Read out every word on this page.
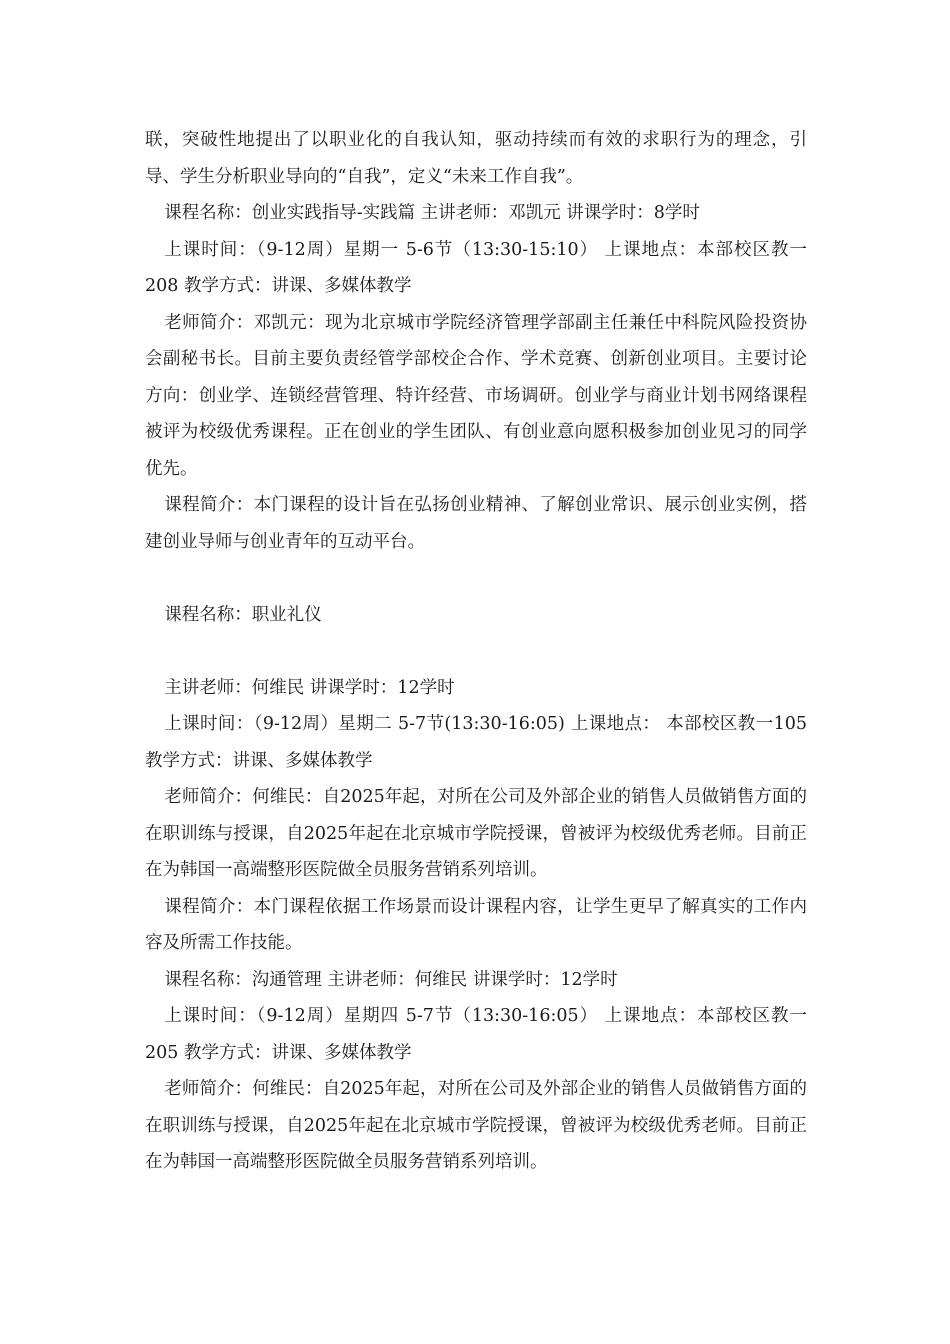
联，突破性地提出了以职业化的自我认知，驱动持续而有效的求职行为的理念，引导、学生分析职业导向的“自我”，定义“未来工作自我”。

课程名称：创业实践指导-实践篇 主讲老师：邓凯元 讲课学时：8学时

上课时间：（9-12周）星期一 5-6节（13:30-15:10） 上课地点：本部校区教一208 教学方式：讲课、多媒体教学

老师简介：邓凯元：现为北京城市学院经济管理学部副主任兼任中科院风险投资协会副秘书长。目前主要负责经管学部校企合作、学术竞赛、创新创业项目。主要讨论方向：创业学、连锁经营管理、特许经营、市场调研。创业学与商业计划书网络课程被评为校级优秀课程。正在创业的学生团队、有创业意向愿积极参加创业见习的同学优先。

课程简介：本门课程的设计旨在弘扬创业精神、了解创业常识、展示创业实例，搭建创业导师与创业青年的互动平台。

课程名称：职业礼仪

主讲老师：何维民 讲课学时：12学时

上课时间：（9-12周）星期二 5-7节(13:30-16:05) 上课地点： 本部校区教一105 教学方式：讲课、多媒体教学

老师简介：何维民：自2025年起，对所在公司及外部企业的销售人员做销售方面的在职训练与授课，自2025年起在北京城市学院授课，曾被评为校级优秀老师。目前正在为韩国一高端整形医院做全员服务营销系列培训。

课程简介：本门课程依据工作场景而设计课程内容，让学生更早了解真实的工作内容及所需工作技能。

课程名称：沟通管理 主讲老师：何维民 讲课学时：12学时

上课时间：（9-12周）星期四 5-7节（13:30-16:05） 上课地点：本部校区教一205 教学方式：讲课、多媒体教学

老师简介：何维民：自2025年起，对所在公司及外部企业的销售人员做销售方面的在职训练与授课，自2025年起在北京城市学院授课，曾被评为校级优秀老师。目前正在为韩国一高端整形医院做全员服务营销系列培训。
